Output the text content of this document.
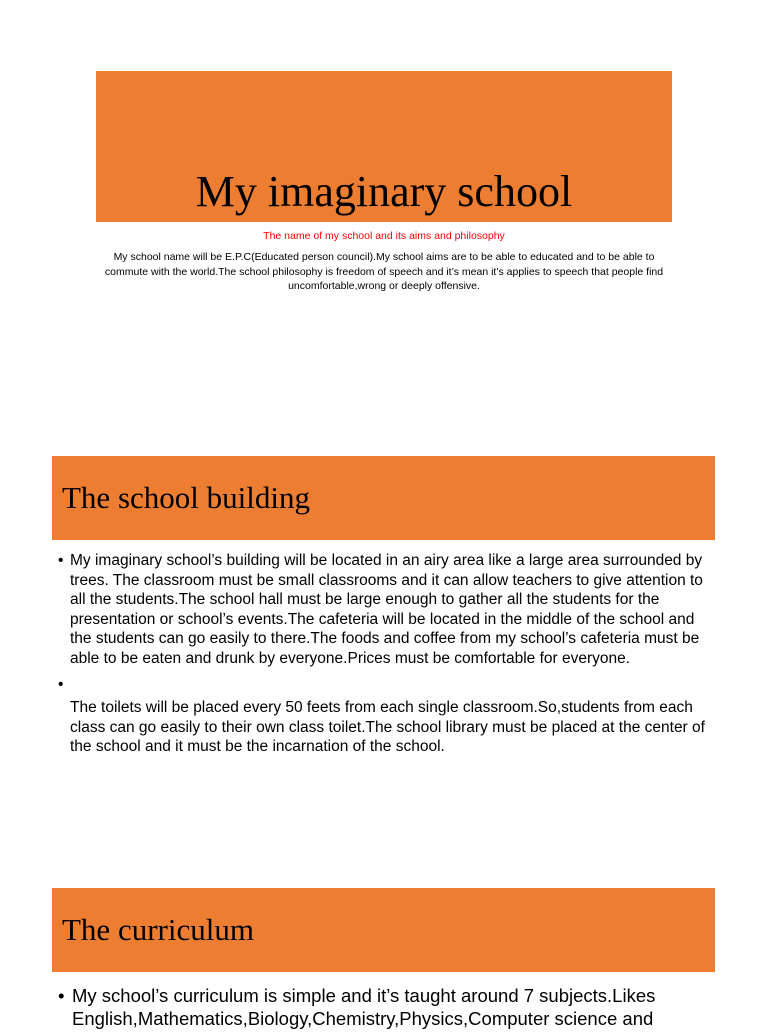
My imaginary school

The name of my school and its aims and philosophy

My school name will be E.P.C(Educated person council).My school aims are to be able to educated and to be able to commute with the world.The school philosophy is freedom of speech and it’s mean it’s applies to speech that people find uncomfortable,wrong or deeply offensive.

The school building
• My imaginary school’s building will be located in an airy area like a large area surrounded by trees. The classroom must be small classrooms and it can allow teachers to give attention to all the students.The school hall must be large enough to gather all the students for the presentation or school’s events.The cafeteria will be located in the middle of the school and the students can go easily to there.The foods and coffee from my school’s cafeteria must be able to be eaten and drunk by everyone.Prices must be comfortable for everyone.
•
The toilets will be placed every 50 feets from each single classroom.So,students from each class can go easily to their own class toilet.The school library must be placed at the center of the school and it must be the incarnation of the school.
The curriculum
• My school’s curriculum is simple and it’s taught around 7 subjects.Likes English,Mathematics,Biology,Chemistry,Physics,Computer science and
